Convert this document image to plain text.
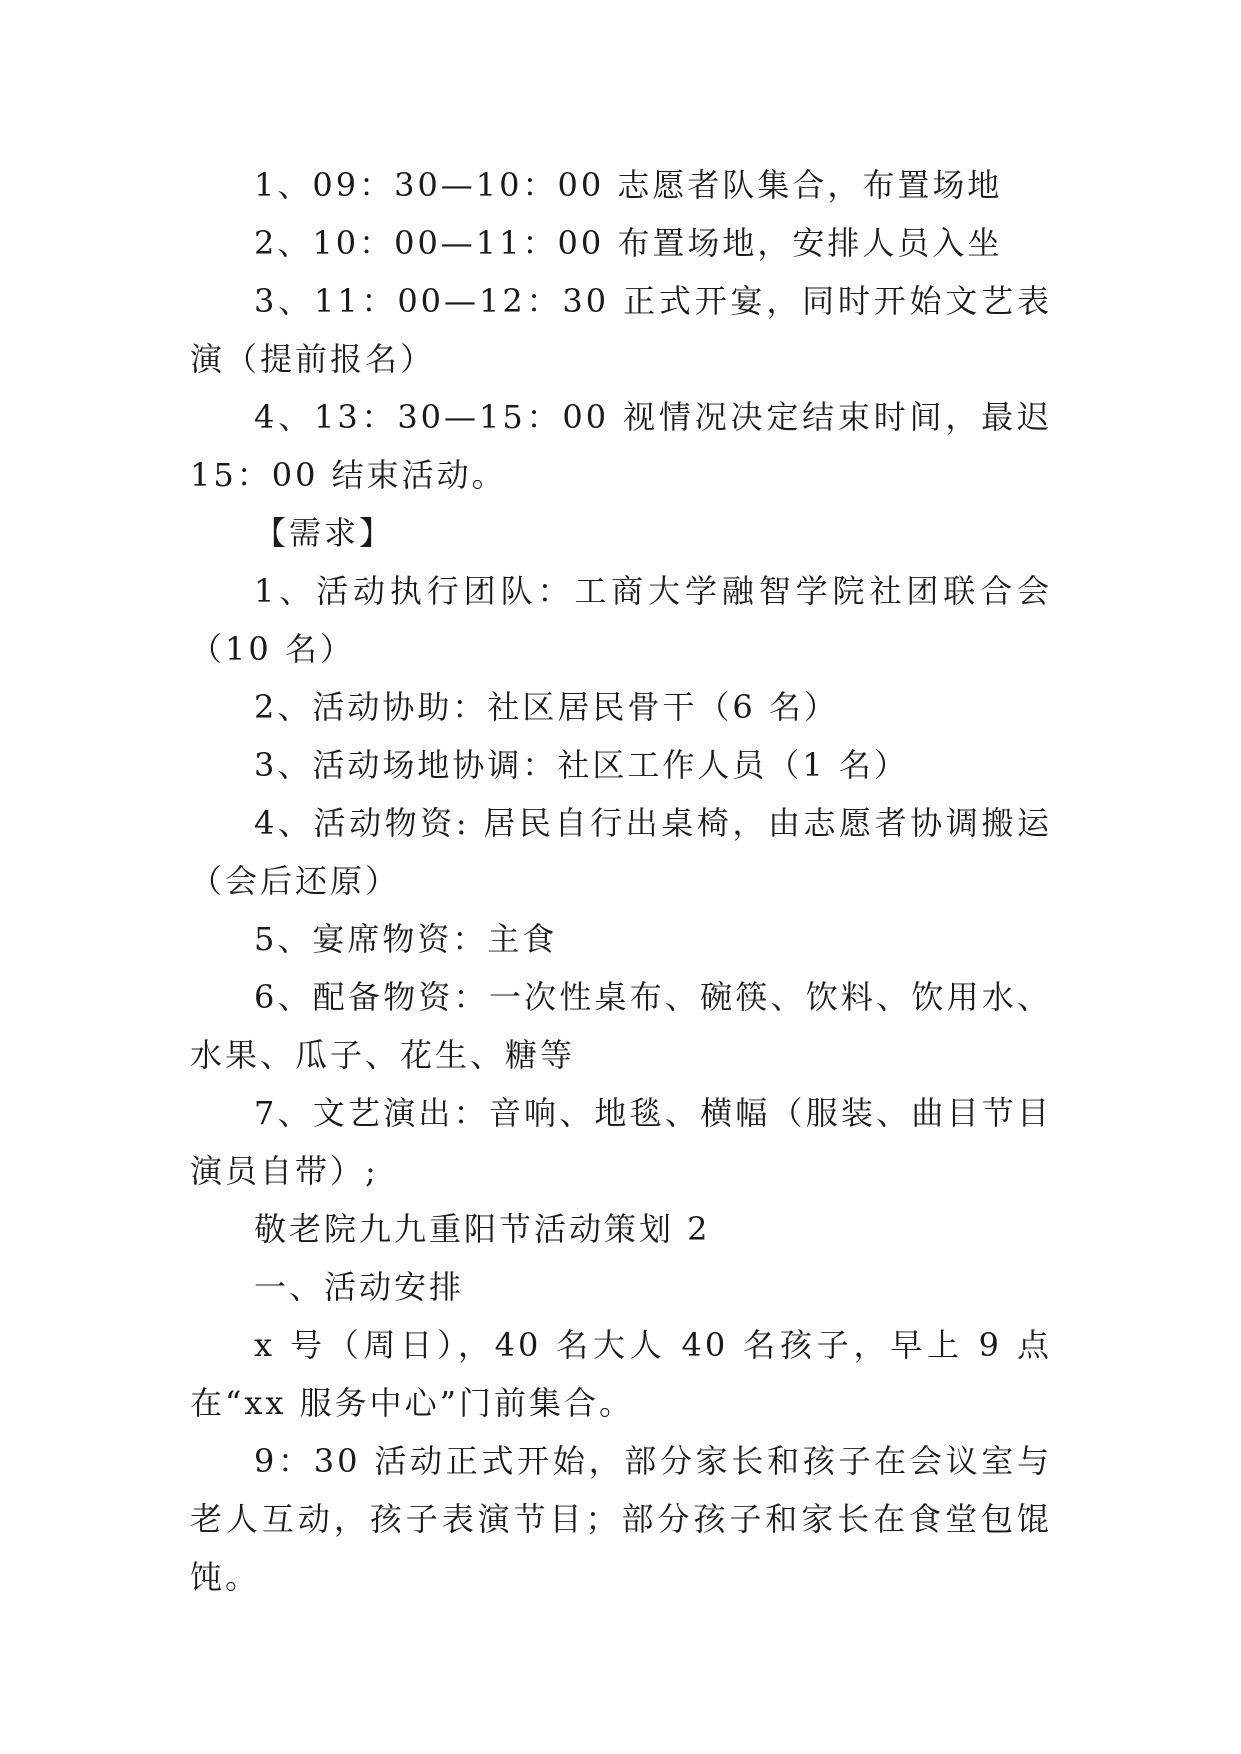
1、09：30—10：00 志愿者队集合，布置场地

2、10：00—11：00 布置场地，安排人员入坐

3、11：00—12：30 正式开宴，同时开始文艺表演（提前报名）

4、13：30—15：00 视情况决定结束时间，最迟 15：00 结束活动。

【需求】

1、活动执行团队：工商大学融智学院社团联合会（10 名）

2、活动协助：社区居民骨干（6 名）

3、活动场地协调：社区工作人员（1 名）

4、活动物资: 居民自行出桌椅，由志愿者协调搬运（会后还原）

5、宴席物资：主食

6、配备物资：一次性桌布、碗筷、饮料、饮用水、水果、瓜子、花生、糖等

7、文艺演出：音响、地毯、横幅（服装、曲目节目演员自带）;

敬老院九九重阳节活动策划 2

一、活动安排

x 号（周日），40 名大人 40 名孩子，早上 9 点在“xx 服务中心”门前集合。

9：30 活动正式开始，部分家长和孩子在会议室与老人互动，孩子表演节目；部分孩子和家长在食堂包馄饨。
